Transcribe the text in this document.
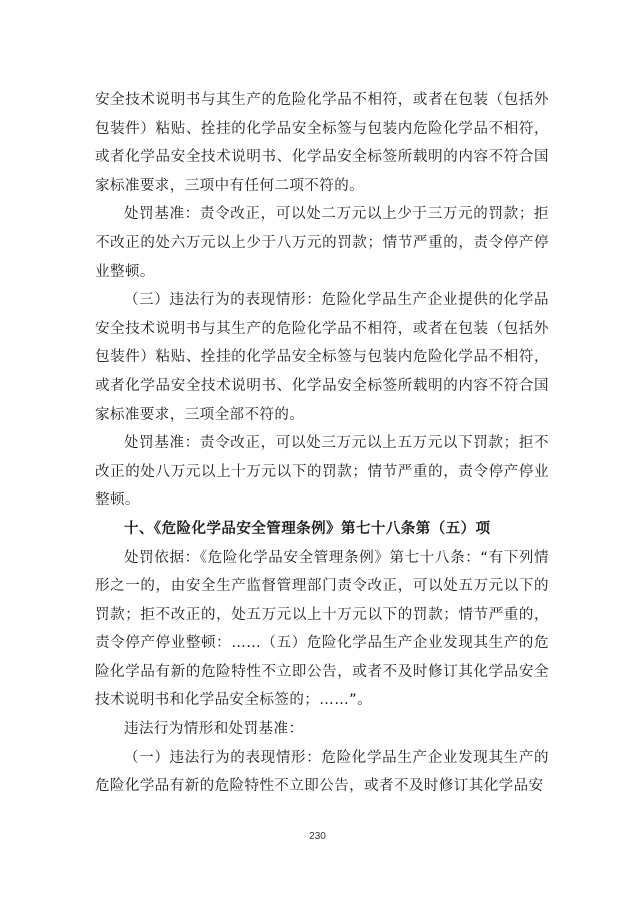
安全技术说明书与其生产的危险化学品不相符，或者在包装（包括外包装件）粘贴、拴挂的化学品安全标签与包装内危险化学品不相符，或者化学品安全技术说明书、化学品安全标签所载明的内容不符合国家标准要求，三项中有任何二项不符的。

处罚基准：责令改正，可以处二万元以上少于三万元的罚款；拒不改正的处六万元以上少于八万元的罚款；情节严重的，责令停产停业整顿。

（三）违法行为的表现情形：危险化学品生产企业提供的化学品安全技术说明书与其生产的危险化学品不相符，或者在包装（包括外包装件）粘贴、拴挂的化学品安全标签与包装内危险化学品不相符，或者化学品安全技术说明书、化学品安全标签所载明的内容不符合国家标准要求，三项全部不符的。

处罚基准：责令改正，可以处三万元以上五万元以下罚款；拒不改正的处八万元以上十万元以下的罚款；情节严重的，责令停产停业整顿。

十、《危险化学品安全管理条例》第七十八条第（五）项

处罚依据：《危险化学品安全管理条例》第七十八条：“有下列情形之一的，由安全生产监督管理部门责令改正，可以处五万元以下的罚款；拒不改正的，处五万元以上十万元以下的罚款；情节严重的，责令停产停业整顿：……（五）危险化学品生产企业发现其生产的危险化学品有新的危险特性不立即公告，或者不及时修订其化学品安全技术说明书和化学品安全标签的；……”。

违法行为情形和处罚基准：

（一）违法行为的表现情形：危险化学品生产企业发现其生产的危险化学品有新的危险特性不立即公告，或者不及时修订其化学品安

230
